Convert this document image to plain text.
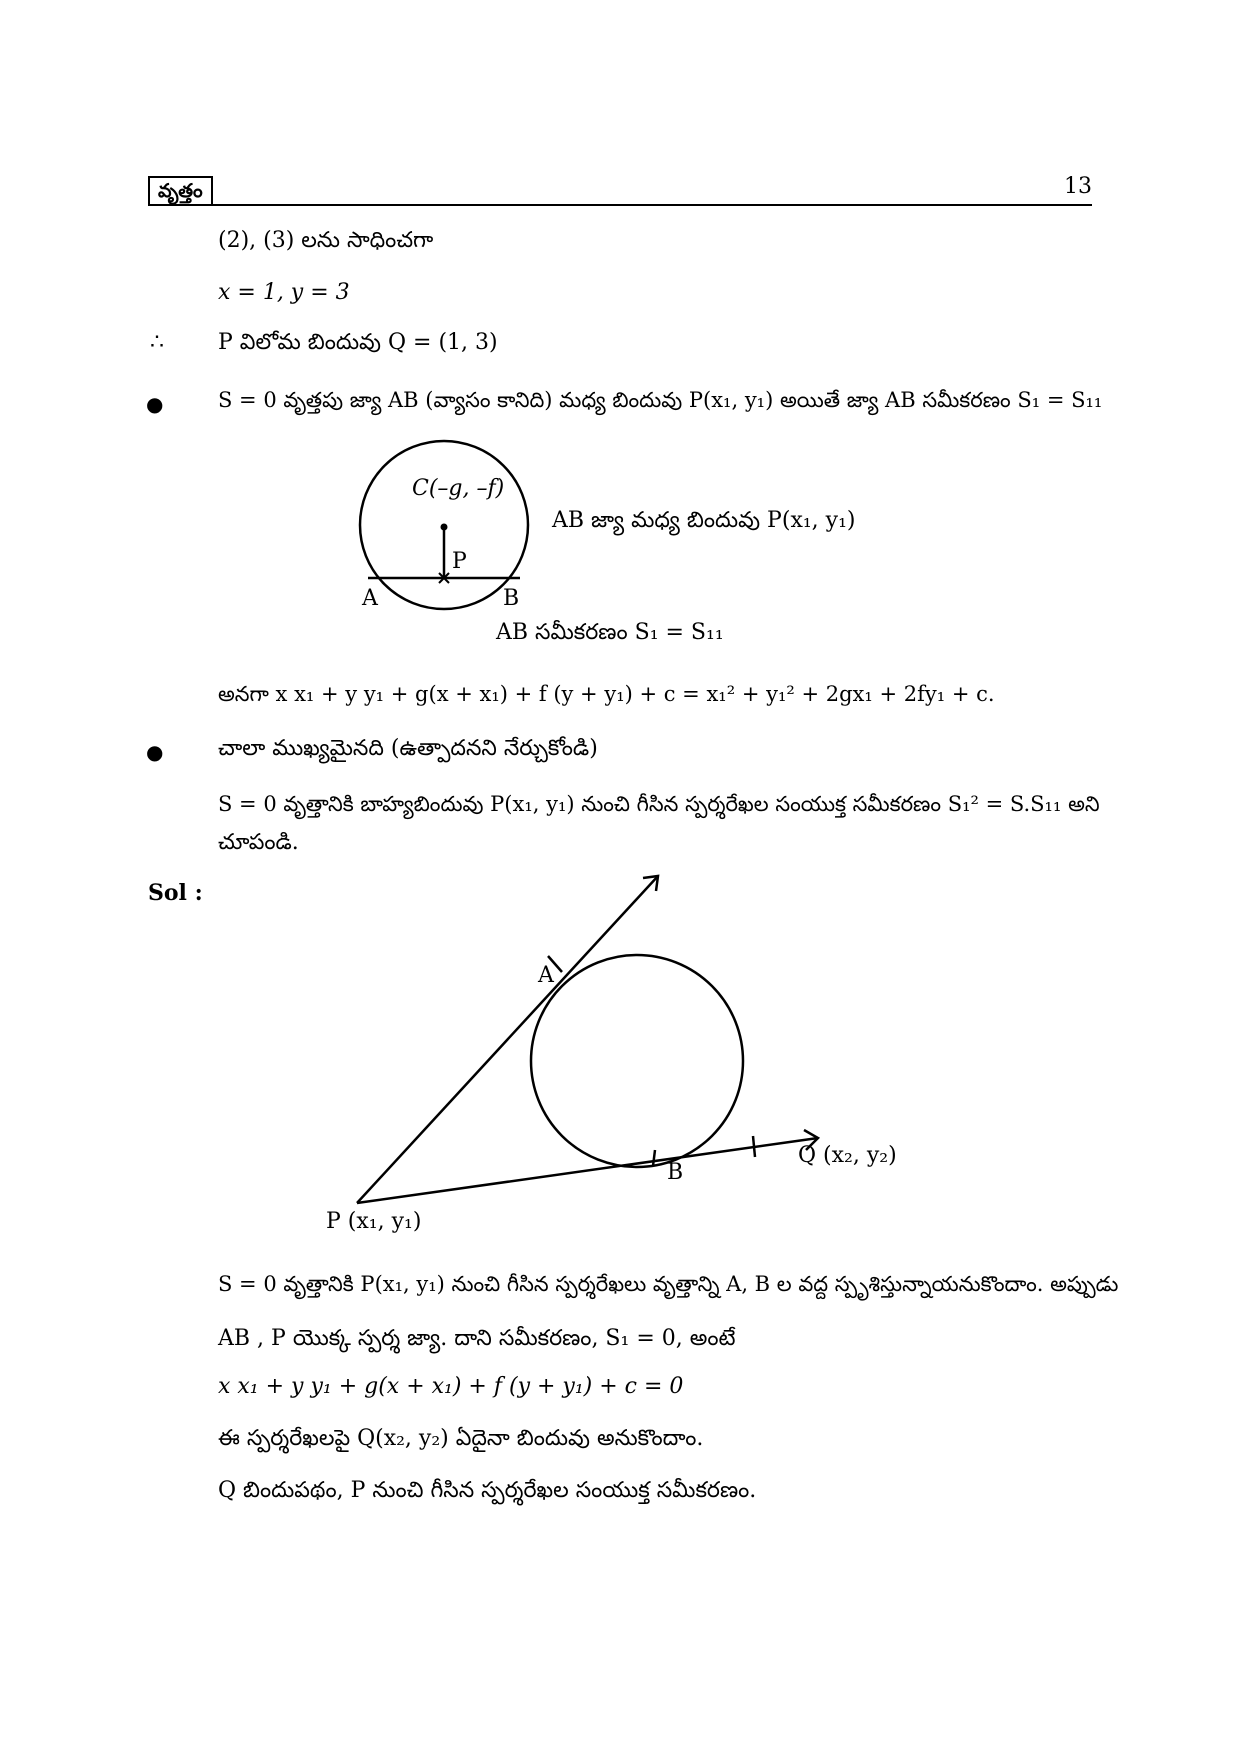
వృత్తం	13
(2), (3) లను సాధించగా
x = 1, y = 3
∴ P విలోమ బిందువు Q = (1, 3)
●	S = 0 వృత్తపు జ్యా AB (వ్యాసం కానిది) మధ్య బిందువు P(x₁, y₁) అయితే జ్యా AB సమీకరణం S₁ = S₁₁
C(–g, –f)
P
A	B
AB జ్యా మధ్య బిందువు P(x₁, y₁)
AB సమీకరణం S₁ = S₁₁
అనగా x x₁ + y y₁ + g(x + x₁) + f (y + y₁) + c = x₁² + y₁² + 2gx₁ + 2fy₁ + c.
● చాలా ముఖ్యమైనది (ఉత్పాదనని నేర్చుకోండి)
S = 0 వృత్తానికి బాహ్యబిందువు P(x₁, y₁) నుంచి గీసిన స్పర్శరేఖల సంయుక్త సమీకరణం S₁² = S.S₁₁ అని
చూపండి.
Sol :
A
B
P (x₁, y₁)
Q (x₂, y₂)
S = 0 వృత్తానికి P(x₁, y₁) నుంచి గీసిన స్పర్శరేఖలు వృత్తాన్ని A, B ల వద్ద స్పృశిస్తున్నాయనుకొందాం. అప్పుడు
AB , P యొక్క స్పర్శ జ్యా. దాని సమీకరణం, S₁ = 0, అంటే
x x₁ + y y₁ + g(x + x₁) + f (y + y₁) + c = 0
ఈ స్పర్శరేఖలపై Q(x₂, y₂) ఏదైనా బిందువు అనుకొందాం.
Q బిందుపథం, P నుంచి గీసిన స్పర్శరేఖల సంయుక్త సమీకరణం.
